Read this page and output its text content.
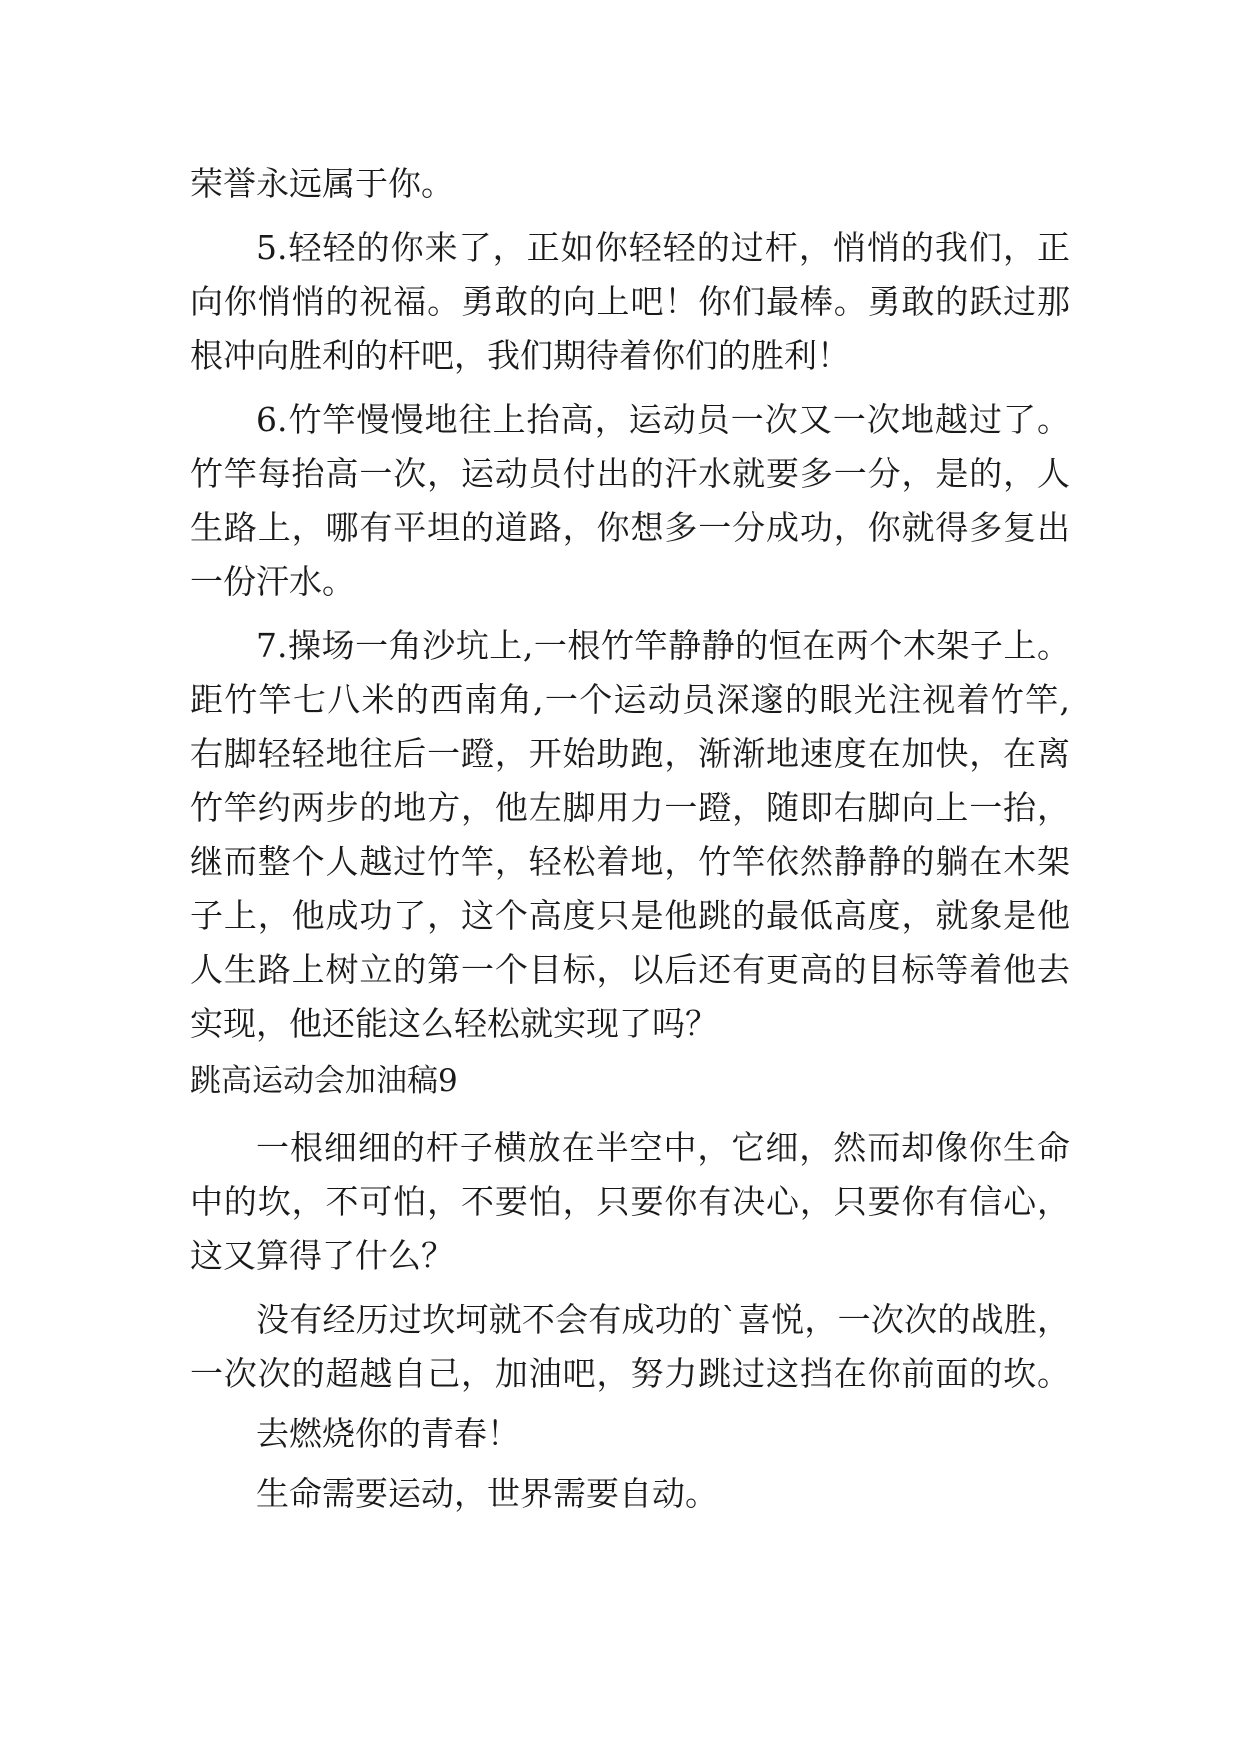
荣誉永远属于你。

5.轻轻的你来了，正如你轻轻的过杆，悄悄的我们，正

向你悄悄的祝福。勇敢的向上吧！你们最棒。勇敢的跃过那

根冲向胜利的杆吧，我们期待着你们的胜利！

6.竹竿慢慢地往上抬高，运动员一次又一次地越过了。

竹竿每抬高一次，运动员付出的汗水就要多一分，是的，人

生路上，哪有平坦的道路，你想多一分成功，你就得多复出

一份汗水。

7.操场一角沙坑上,一根竹竿静静的恒在两个木架子上。

距竹竿七八米的西南角,一个运动员深邃的眼光注视着竹竿,

右脚轻轻地往后一蹬，开始助跑，渐渐地速度在加快，在离

竹竿约两步的地方，他左脚用力一蹬，随即右脚向上一抬，

继而整个人越过竹竿，轻松着地，竹竿依然静静的躺在木架

子上，他成功了，这个高度只是他跳的最低高度，就象是他

人生路上树立的第一个目标，以后还有更高的目标等着他去

实现，他还能这么轻松就实现了吗？

跳高运动会加油稿9

一根细细的杆子横放在半空中，它细，然而却像你生命

中的坎，不可怕，不要怕，只要你有决心，只要你有信心，

这又算得了什么？

没有经历过坎坷就不会有成功的`喜悦，一次次的战胜，

一次次的超越自己，加油吧，努力跳过这挡在你前面的坎。

去燃烧你的青春！

生命需要运动，世界需要自动。
